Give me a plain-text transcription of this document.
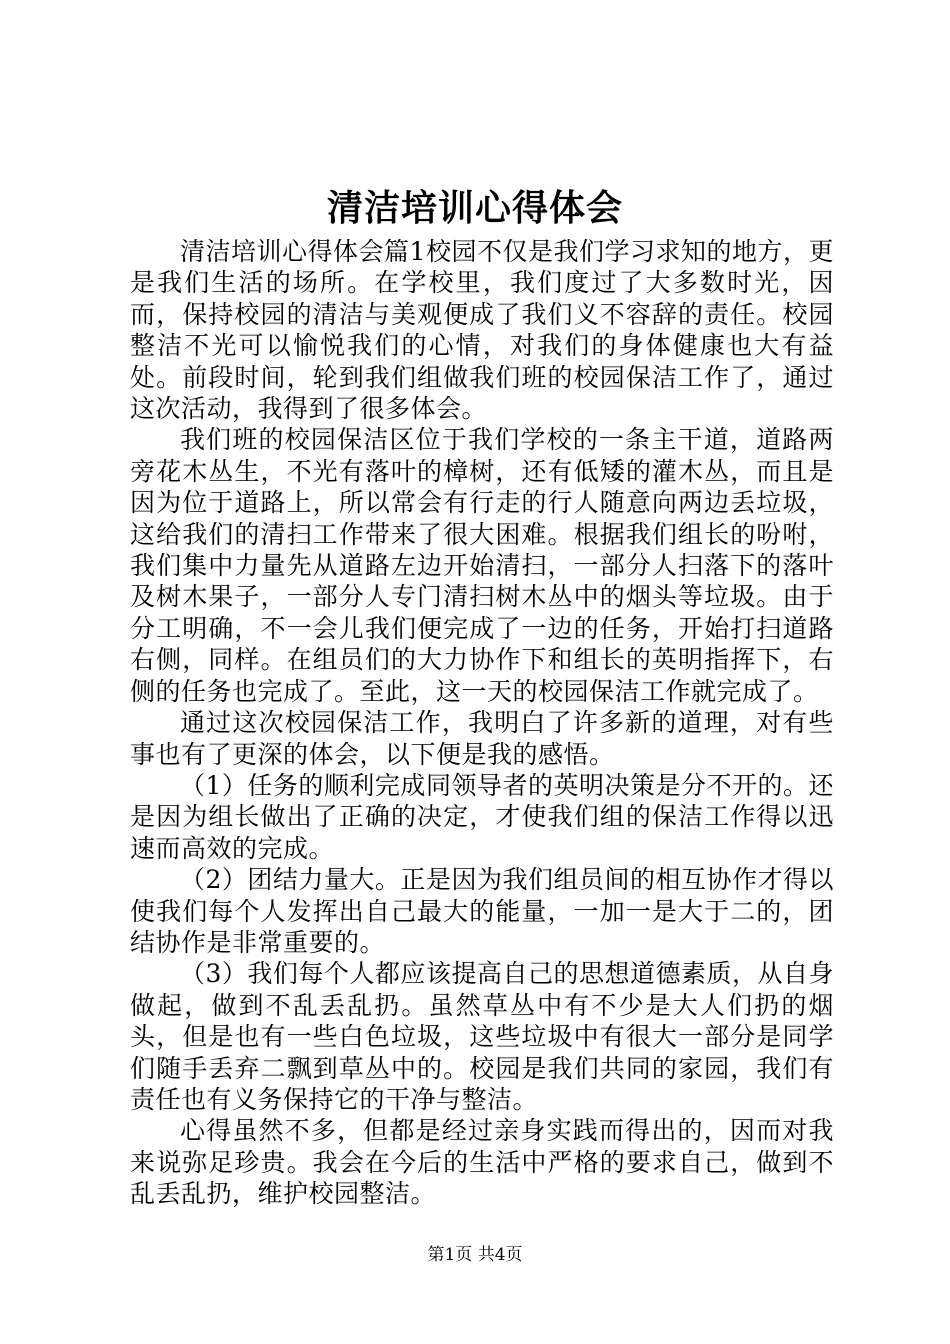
清洁培训心得体会

清洁培训心得体会篇1校园不仅是我们学习求知的地方，更是我们生活的场所。在学校里，我们度过了大多数时光，因而，保持校园的清洁与美观便成了我们义不容辞的责任。校园整洁不光可以愉悦我们的心情，对我们的身体健康也大有益处。前段时间，轮到我们组做我们班的校园保洁工作了，通过这次活动，我得到了很多体会。

我们班的校园保洁区位于我们学校的一条主干道，道路两旁花木丛生，不光有落叶的樟树，还有低矮的灌木丛，而且是因为位于道路上，所以常会有行走的行人随意向两边丢垃圾，这给我们的清扫工作带来了很大困难。根据我们组长的吩咐，我们集中力量先从道路左边开始清扫，一部分人扫落下的落叶及树木果子，一部分人专门清扫树木丛中的烟头等垃圾。由于分工明确，不一会儿我们便完成了一边的任务，开始打扫道路右侧，同样。在组员们的大力协作下和组长的英明指挥下，右侧的任务也完成了。至此，这一天的校园保洁工作就完成了。

通过这次校园保洁工作，我明白了许多新的道理，对有些事也有了更深的体会，以下便是我的感悟。

（1）任务的顺利完成同领导者的英明决策是分不开的。还是因为组长做出了正确的决定，才使我们组的保洁工作得以迅速而高效的完成。

（2）团结力量大。正是因为我们组员间的相互协作才得以使我们每个人发挥出自己最大的能量，一加一是大于二的，团结协作是非常重要的。

（3）我们每个人都应该提高自己的思想道德素质，从自身做起，做到不乱丢乱扔。虽然草丛中有不少是大人们扔的烟头，但是也有一些白色垃圾，这些垃圾中有很大一部分是同学们随手丢弃二飘到草丛中的。校园是我们共同的家园，我们有责任也有义务保持它的干净与整洁。

心得虽然不多，但都是经过亲身实践而得出的，因而对我来说弥足珍贵。我会在今后的生活中严格的要求自己，做到不乱丢乱扔，维护校园整洁。

第1页 共4页
